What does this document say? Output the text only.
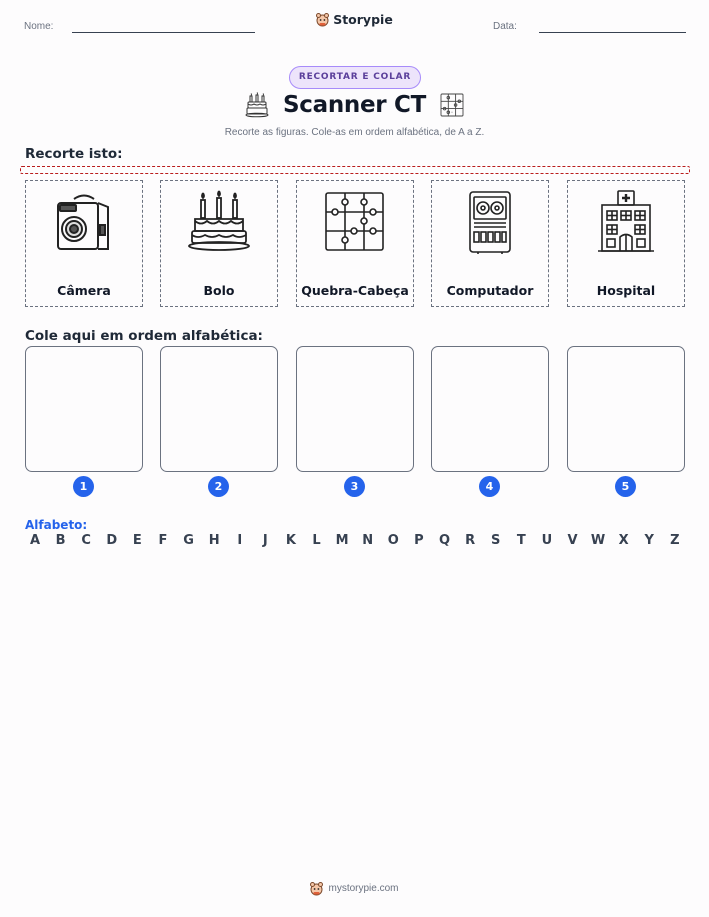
Nome:	Storypie	Data:
RECORTAR E COLAR
Scanner CT
Recorte as figuras. Cole-as em ordem alfabética, de A a Z.
Recorte isto:
Câmera	Bolo	Quebra-Cabeça	Computador	Hospital
Cole aqui em ordem alfabética:
1	2	3	4	5
Alfabeto:
A	B	C	D	E	F	G	H	I	J	K	L	M	N	O	P	Q	R	S	T	U	V	W	X	Y	Z
mystorypie.com
